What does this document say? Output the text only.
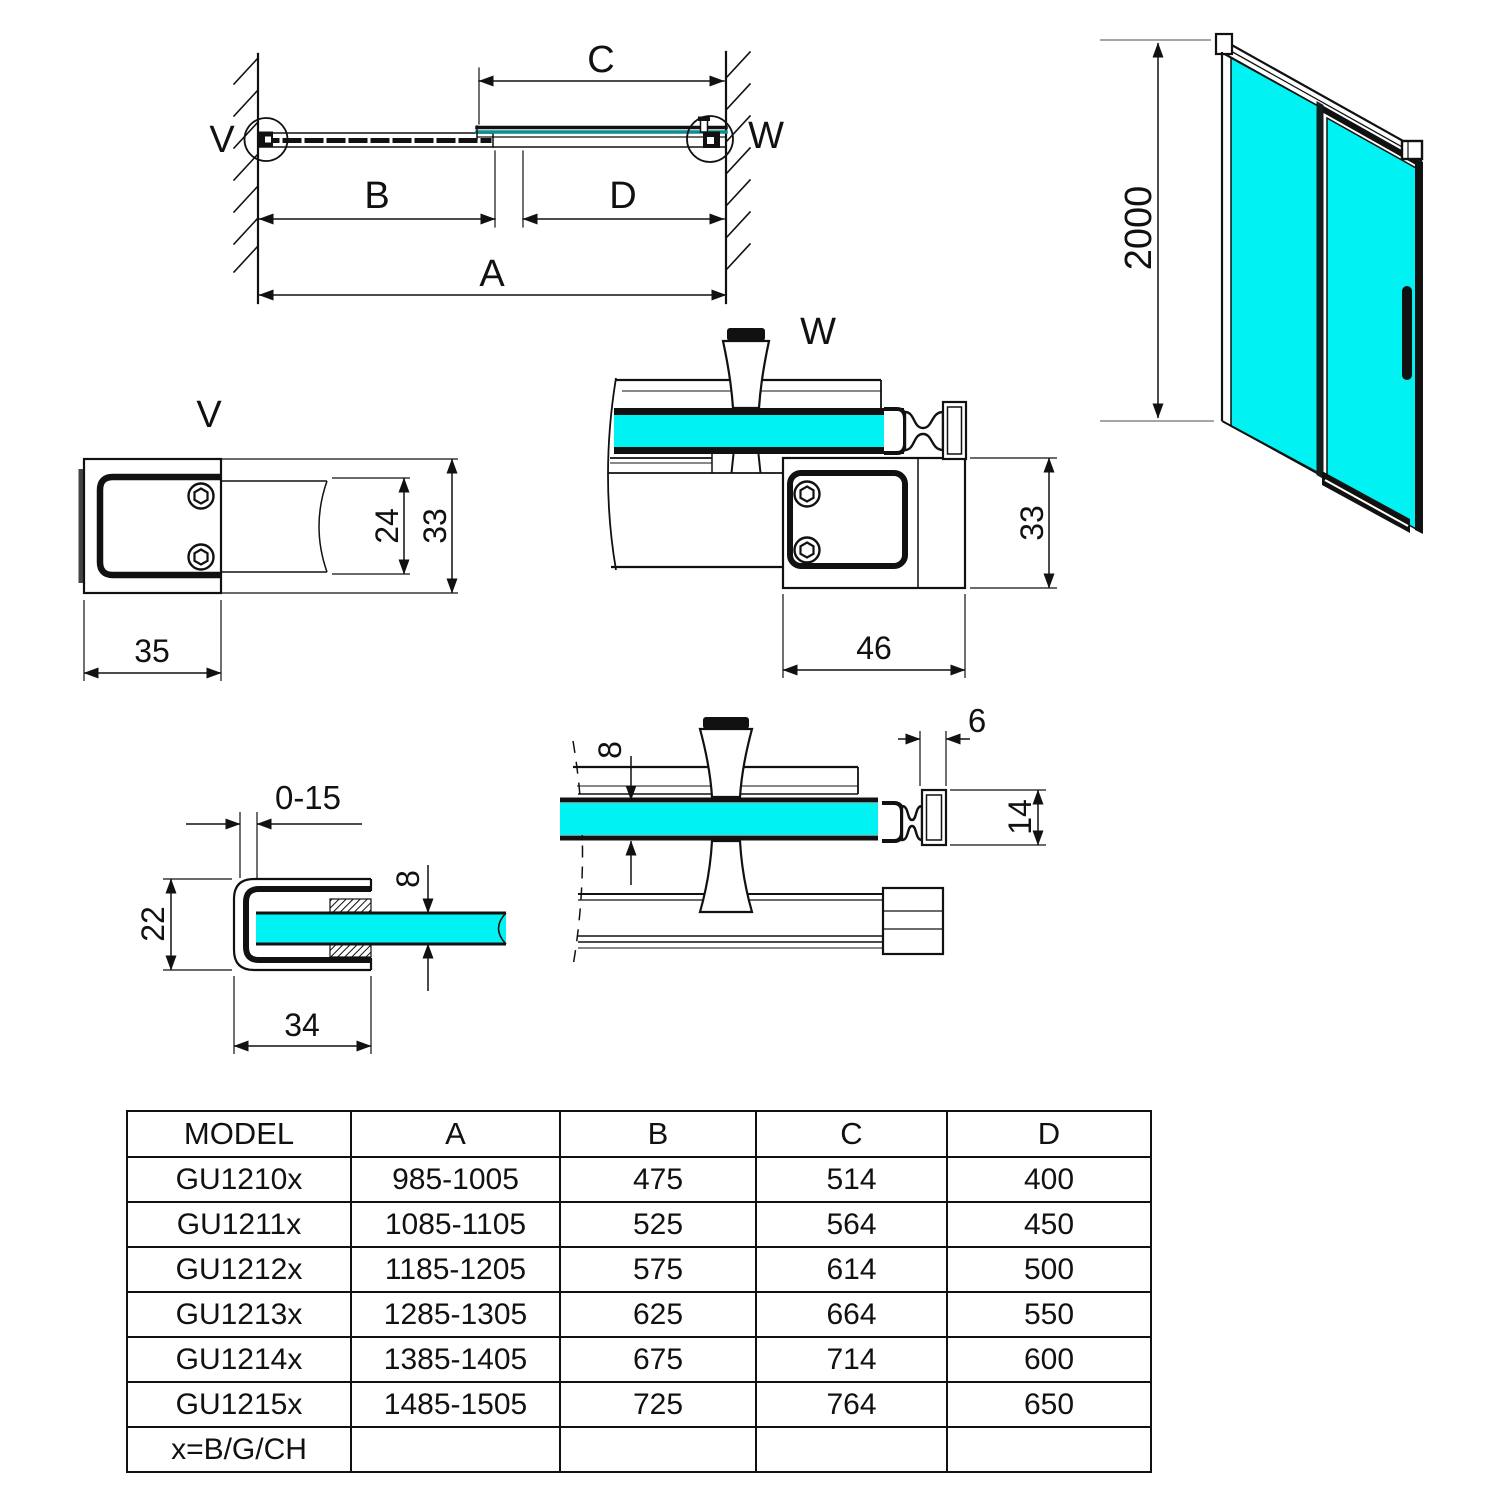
V	W
C
B	D
A
2000
V
24 33
35
W
33
46
0-15
22
8
34
8
6
14
MODEL	A	B	C	D
GU1210x	985-1005	475	514	400
GU1211x	1085-1105	525	564	450
GU1212x	1185-1205	575	614	500
GU1213x	1285-1305	625	664	550
GU1214x	1385-1405	675	714	600
GU1215x	1485-1505	725	764	650
x=B/G/CH				
